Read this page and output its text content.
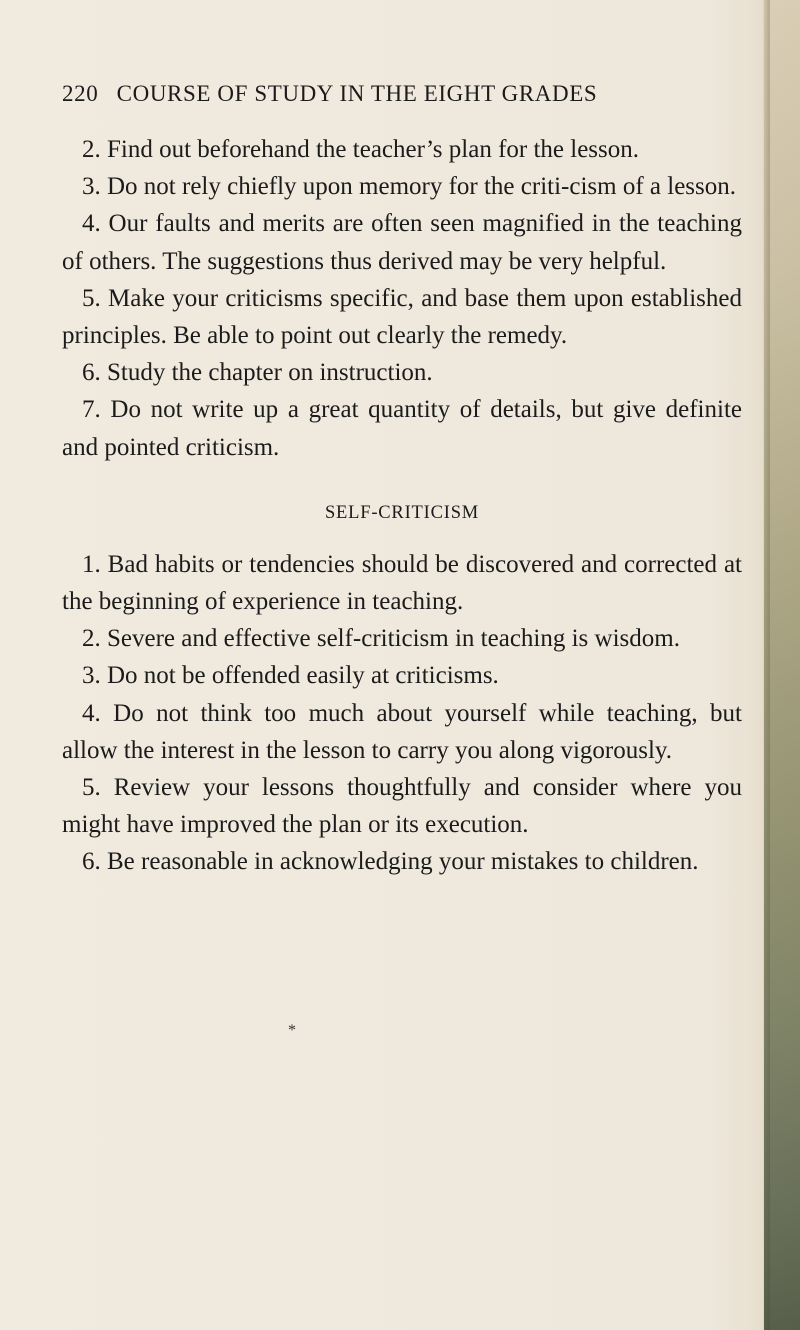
220 COURSE OF STUDY IN THE EIGHT GRADES

2. Find out beforehand the teacher’s plan for the lesson.

3. Do not rely chiefly upon memory for the criti-cism of a lesson.

4. Our faults and merits are often seen magnified in the teaching of others. The suggestions thus derived may be very helpful.

5. Make your criticisms specific, and base them upon established principles. Be able to point out clearly the remedy.

6. Study the chapter on instruction.

7. Do not write up a great quantity of details, but give definite and pointed criticism.

SELF-CRITICISM

1. Bad habits or tendencies should be discovered and corrected at the beginning of experience in teaching.

2. Severe and effective self-criticism in teaching is wisdom.

3. Do not be offended easily at criticisms.

4. Do not think too much about yourself while teaching, but allow the interest in the lesson to carry you along vigorously.

5. Review your lessons thoughtfully and consider where you might have improved the plan or its execution.

6. Be reasonable in acknowledging your mistakes to children.

*
